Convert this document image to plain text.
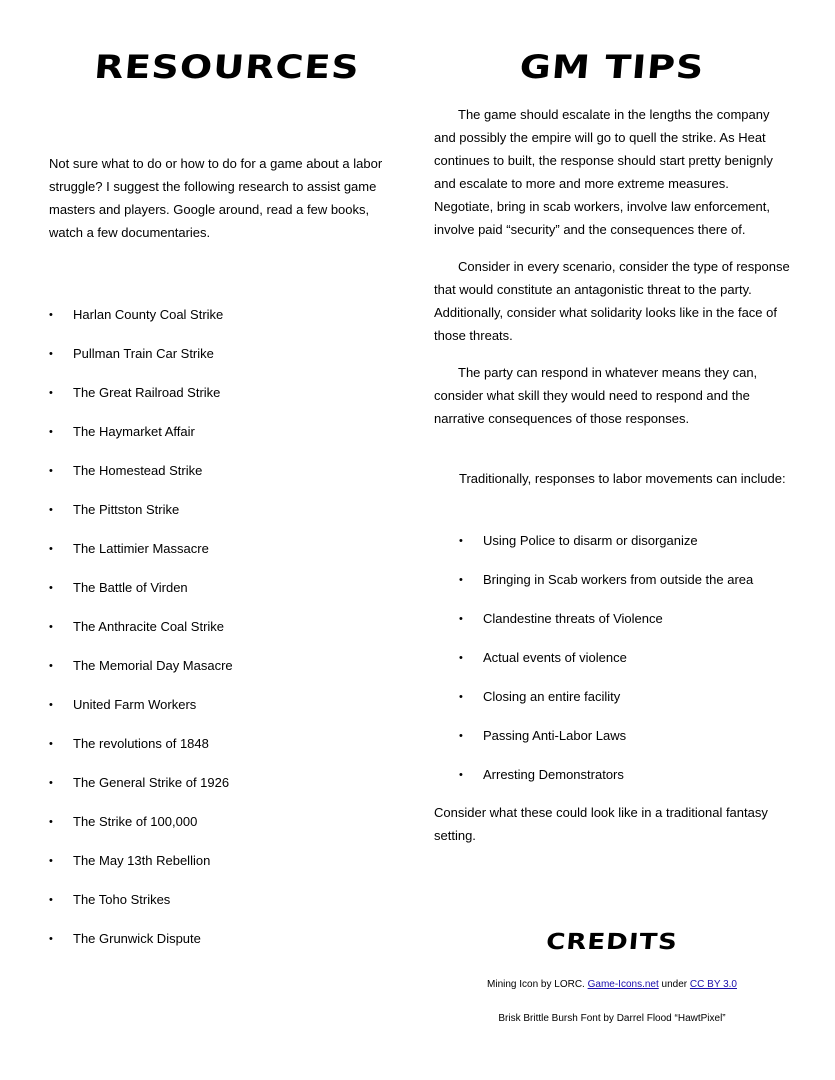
RESOURCES	GM TIPS

Not sure what to do or how to do for a game about a labor struggle? I suggest the following research to assist game masters and players. Google around, read a few books, watch a few documentaries.

• Harlan County Coal Strike
• Pullman Train Car Strike
• The Great Railroad Strike
• The Haymarket Affair
• The Homestead Strike
• The Pittston Strike
• The Lattimier Massacre
• The Battle of Virden
• The Anthracite Coal Strike
• The Memorial Day Masacre
• United Farm Workers
• The revolutions of 1848
• The General Strike of 1926
• The Strike of 100,000
• The May 13th Rebellion
• The Toho Strikes
• The Grunwick Dispute

The game should escalate in the lengths the company and possibly the empire will go to quell the strike. As Heat continues to built, the response should start pretty benignly and escalate to more and more extreme measures. Negotiate, bring in scab workers, involve law enforcement, involve paid “security” and the consequences there of.

Consider in every scenario, consider the type of response that would constitute an antagonistic threat to the party. Additionally, consider what solidarity looks like in the face of those threats.

The party can respond in whatever means they can, consider what skill they would need to respond and the narrative consequences of those responses.

Traditionally, responses to labor movements can include:

• Using Police to disarm or disorganize
• Bringing in Scab workers from outside the area
• Clandestine threats of Violence
• Actual events of violence
• Closing an entire facility
• Passing Anti-Labor Laws
• Arresting Demonstrators

Consider what these could look like in a traditional fantasy setting.

CREDITS

Mining Icon by LORC. Game-Icons.net under CC BY 3.0

Brisk Brittle Bursh Font by Darrel Flood “HawtPixel”
